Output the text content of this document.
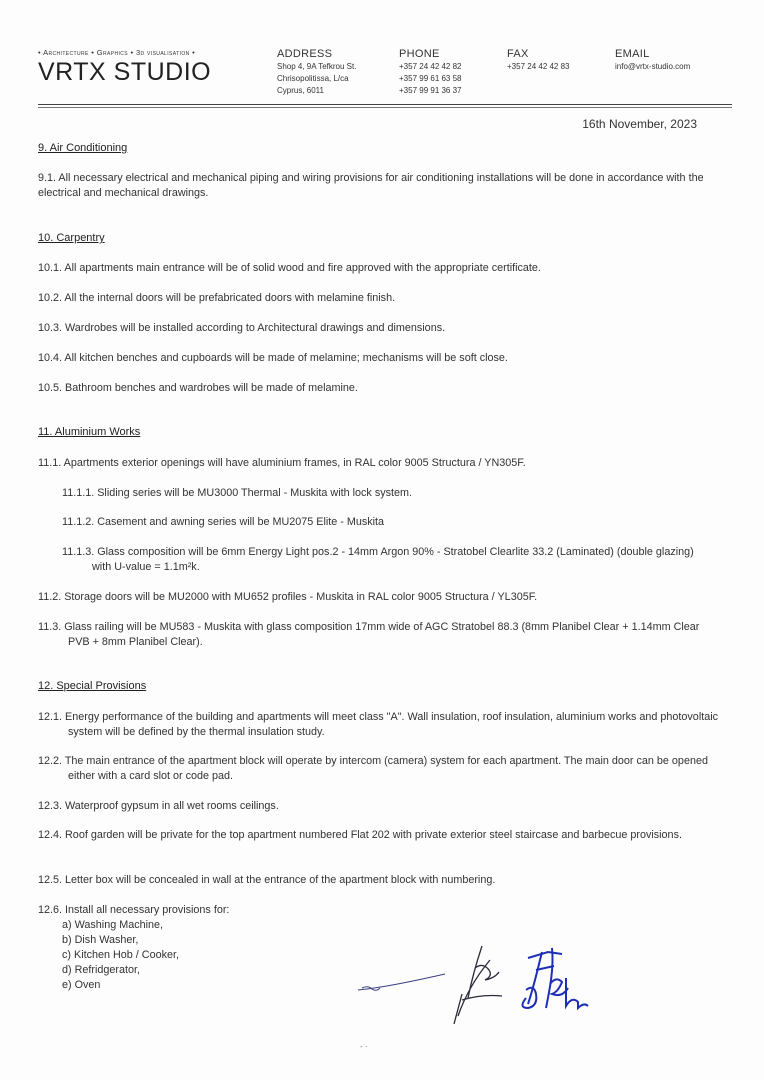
• Architecture • Graphics • 3d visualisation •
VRTX STUDIO
ADDRESS
Shop 4, 9A Tefkrou St.
Chrisopolitissa, L/ca
Cyprus, 6011
PHONE
+357 24 42 42 82
+357 99 61 63 58
+357 99 91 36 37
FAX
+357 24 42 42 83
EMAIL
info@vrtx-studio.com
16th November, 2023
9. Air Conditioning
9.1. All necessary electrical and mechanical piping and wiring provisions for air conditioning installations will be done in accordance with the electrical and mechanical drawings.
10. Carpentry
10.1. All apartments main entrance will be of solid wood and fire approved with the appropriate certificate.
10.2. All the internal doors will be prefabricated doors with melamine finish.
10.3. Wardrobes will be installed according to Architectural drawings and dimensions.
10.4. All kitchen benches and cupboards will be made of melamine; mechanisms will be soft close.
10.5. Bathroom benches and wardrobes will be made of melamine.
11. Aluminium Works
11.1. Apartments exterior openings will have aluminium frames, in RAL color 9005 Structura / YN305F.
11.1.1. Sliding series will be MU3000 Thermal - Muskita with lock system.
11.1.2. Casement and awning series will be MU2075 Elite - Muskita
11.1.3. Glass composition will be 6mm Energy Light pos.2 - 14mm Argon 90% - Stratobel Clearlite 33.2 (Laminated) (double glazing) with U-value = 1.1m²k.
11.2. Storage doors will be MU2000 with MU652 profiles - Muskita in RAL color 9005 Structura / YL305F.
11.3. Glass railing will be MU583 - Muskita with glass composition 17mm wide of AGC Stratobel 88.3 (8mm Planibel Clear + 1.14mm Clear PVB + 8mm Planibel Clear).
12. Special Provisions
12.1. Energy performance of the building and apartments will meet class "A". Wall insulation, roof insulation, aluminium works and photovoltaic system will be defined by the thermal insulation study.
12.2. The main entrance of the apartment block will operate by intercom (camera) system for each apartment. The main door can be opened either with a card slot or code pad.
12.3. Waterproof gypsum in all wet rooms ceilings.
12.4. Roof garden will be private for the top apartment numbered Flat 202 with private exterior steel staircase and barbecue provisions.
12.5. Letter box will be concealed in wall at the entrance of the apartment block with numbering.
12.6. Install all necessary provisions for:
a) Washing Machine,
b) Dish Washer,
c) Kitchen Hob / Cooker,
d) Refridgerator,
e) Oven
- ·
